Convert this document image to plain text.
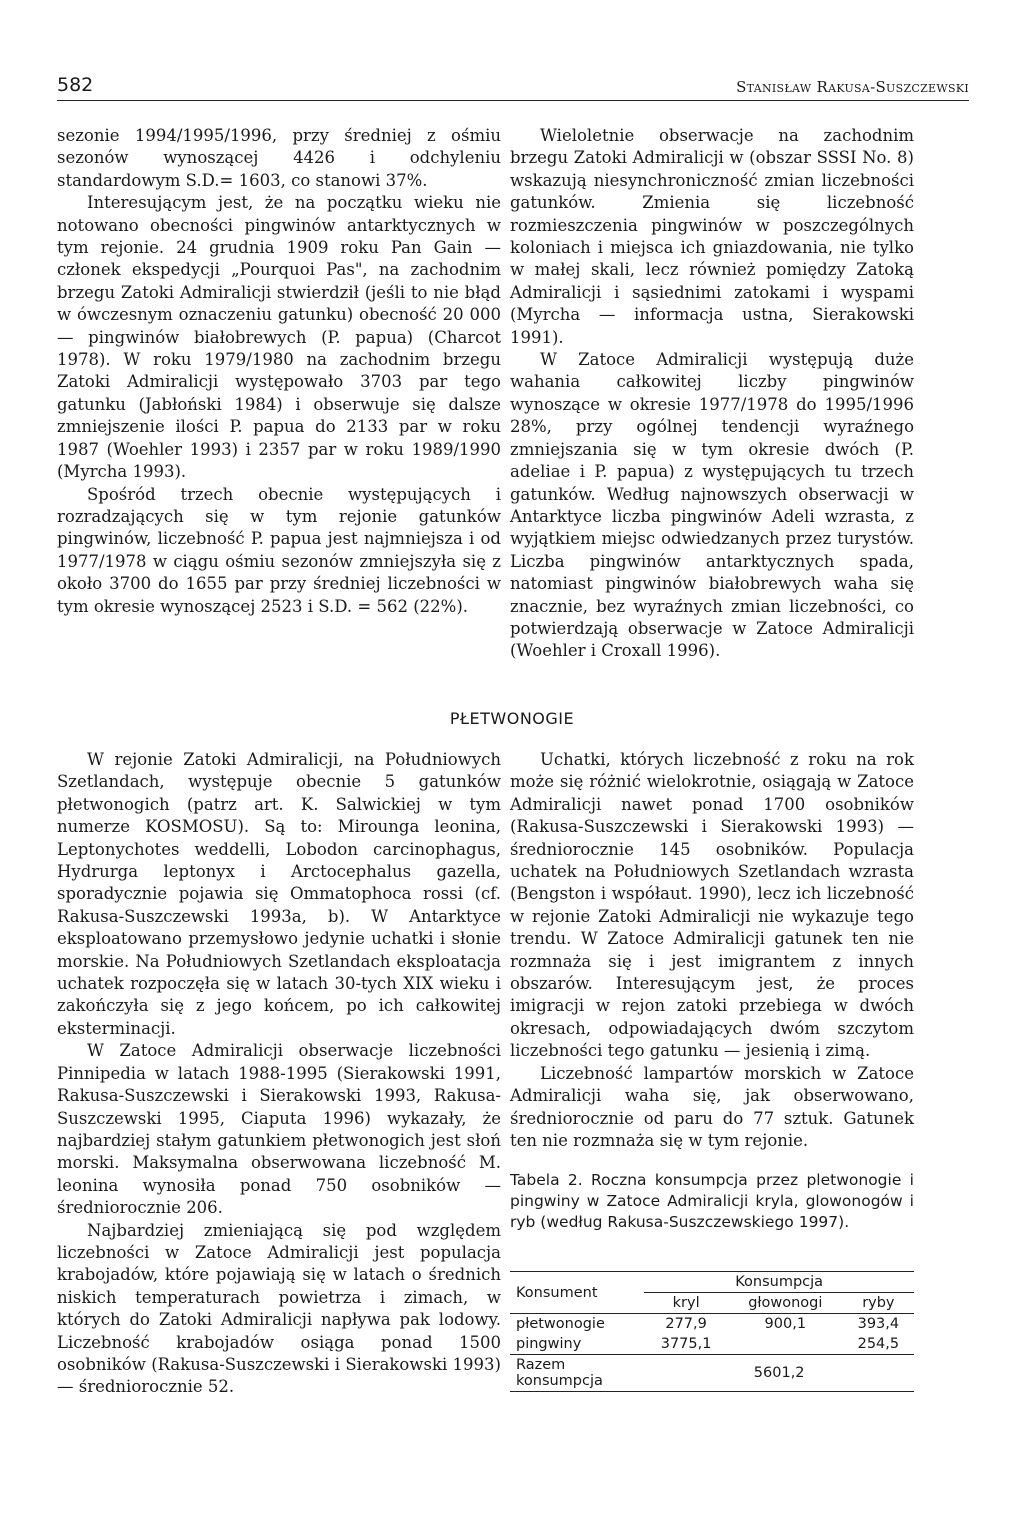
582	Stanisław Rakusa-Suszczewski

sezonie 1994/1995/1996, przy średniej z ośmiu sezonów wynoszącej 4426 i odchyleniu standardowym S.D.= 1603, co stanowi 37%.

Interesującym jest, że na początku wieku nie notowano obecności pingwinów antarktycznych w tym rejonie. 24 grudnia 1909 roku Pan Gain — członek ekspedycji „Pourquoi Pas", na zachodnim brzegu Zatoki Admiralicji stwierdził (jeśli to nie błąd w ówczesnym oznaczeniu gatunku) obecność 20 000 — pingwinów białobrewych (P. papua) (Charcot 1978). W roku 1979/1980 na zachodnim brzegu Zatoki Admiralicji występowało 3703 par tego gatunku (Jabłoński 1984) i obserwuje się dalsze zmniejszenie ilości P. papua do 2133 par w roku 1987 (Woehler 1993) i 2357 par w roku 1989/1990 (Myrcha 1993).

Spośród trzech obecnie występujących i rozradzających się w tym rejonie gatunków pingwinów, liczebność P. papua jest najmniejsza i od 1977/1978 w ciągu ośmiu sezonów zmniejszyła się z około 3700 do 1655 par przy średniej liczebności w tym okresie wynoszącej 2523 i S.D. = 562 (22%).

Wieloletnie obserwacje na zachodnim brzegu Zatoki Admiralicji w (obszar SSSI No. 8) wskazują niesynchroniczność zmian liczebności gatunków. Zmienia się liczebność rozmieszczenia pingwinów w poszczególnych koloniach i miejsca ich gniazdowania, nie tylko w małej skali, lecz również pomiędzy Zatoką Admiralicji i sąsiednimi zatokami i wyspami (Myrcha — informacja ustna, Sierakowski 1991).

W Zatoce Admiralicji występują duże wahania całkowitej liczby pingwinów wynoszące w okresie 1977/1978 do 1995/1996 28%, przy ogólnej tendencji wyraźnego zmniejszania się w tym okresie dwóch (P. adeliae i P. papua) z występujących tu trzech gatunków. Według najnowszych obserwacji w Antarktyce liczba pingwinów Adeli wzrasta, z wyjątkiem miejsc odwiedzanych przez turystów. Liczba pingwinów antarktycznych spada, natomiast pingwinów białobrewych waha się znacznie, bez wyraźnych zmian liczebności, co potwierdzają obserwacje w Zatoce Admiralicji (Woehler i Croxall 1996).

PŁETWONOGIE

W rejonie Zatoki Admiralicji, na Południowych Szetlandach, występuje obecnie 5 gatunków płetwonogich (patrz art. K. Salwickiej w tym numerze KOSMOSU). Są to: Mirounga leonina, Leptonychotes weddelli, Lobodon carcinophagus, Hydrurga leptonyx i Arctocephalus gazella, sporadycznie pojawia się Ommatophoca rossi (cf. Rakusa-Suszczewski 1993a, b). W Antarktyce eksploatowano przemysłowo jedynie uchatki i słonie morskie. Na Południowych Szetlandach eksploatacja uchatek rozpoczęła się w latach 30-tych XIX wieku i zakończyła się z jego końcem, po ich całkowitej eksterminacji.

W Zatoce Admiralicji obserwacje liczebności Pinnipedia w latach 1988-1995 (Sierakowski 1991, Rakusa-Suszczewski i Sierakowski 1993, Rakusa-Suszczewski 1995, Ciaputa 1996) wykazały, że najbardziej stałym gatunkiem płetwonogich jest słoń morski. Maksymalna obserwowana liczebność M. leonina wynosiła ponad 750 osobników — średniorocznie 206.

Najbardziej zmieniającą się pod względem liczebności w Zatoce Admiralicji jest populacja krabojadów, które pojawiają się w latach o średnich niskich temperaturach powietrza i zimach, w których do Zatoki Admiralicji napływa pak lodowy. Liczebność krabojadów osiąga ponad 1500 osobników (Rakusa-Suszczewski i Sierakowski 1993) — średniorocznie 52.

Uchatki, których liczebność z roku na rok może się różnić wielokrotnie, osiągają w Zatoce Admiralicji nawet ponad 1700 osobników (Rakusa-Suszczewski i Sierakowski 1993) — średniorocznie 145 osobników. Populacja uchatek na Południowych Szetlandach wzrasta (Bengston i współaut. 1990), lecz ich liczebność w rejonie Zatoki Admiralicji nie wykazuje tego trendu. W Zatoce Admiralicji gatunek ten nie rozmnaża się i jest imigrantem z innych obszarów. Interesującym jest, że proces imigracji w rejon zatoki przebiega w dwóch okresach, odpowiadających dwóm szczytom liczebności tego gatunku — jesienią i zimą.

Liczebność lampartów morskich w Zatoce Admiralicji waha się, jak obserwowano, średniorocznie od paru do 77 sztuk. Gatunek ten nie rozmnaża się w tym rejonie.

Tabela 2. Roczna konsumpcja przez pletwonogie i pingwiny w Zatoce Admiralicji kryla, glowonogów i ryb (według Rakusa-Suszczewskiego 1997).

Konsument	Konsumpcja		
	kryl	głowonogi	ryby
płetwonogie	277,9	900,1	393,4
pingwiny	3775,1		254,5
Razem
konsumpcja	5601,2		
